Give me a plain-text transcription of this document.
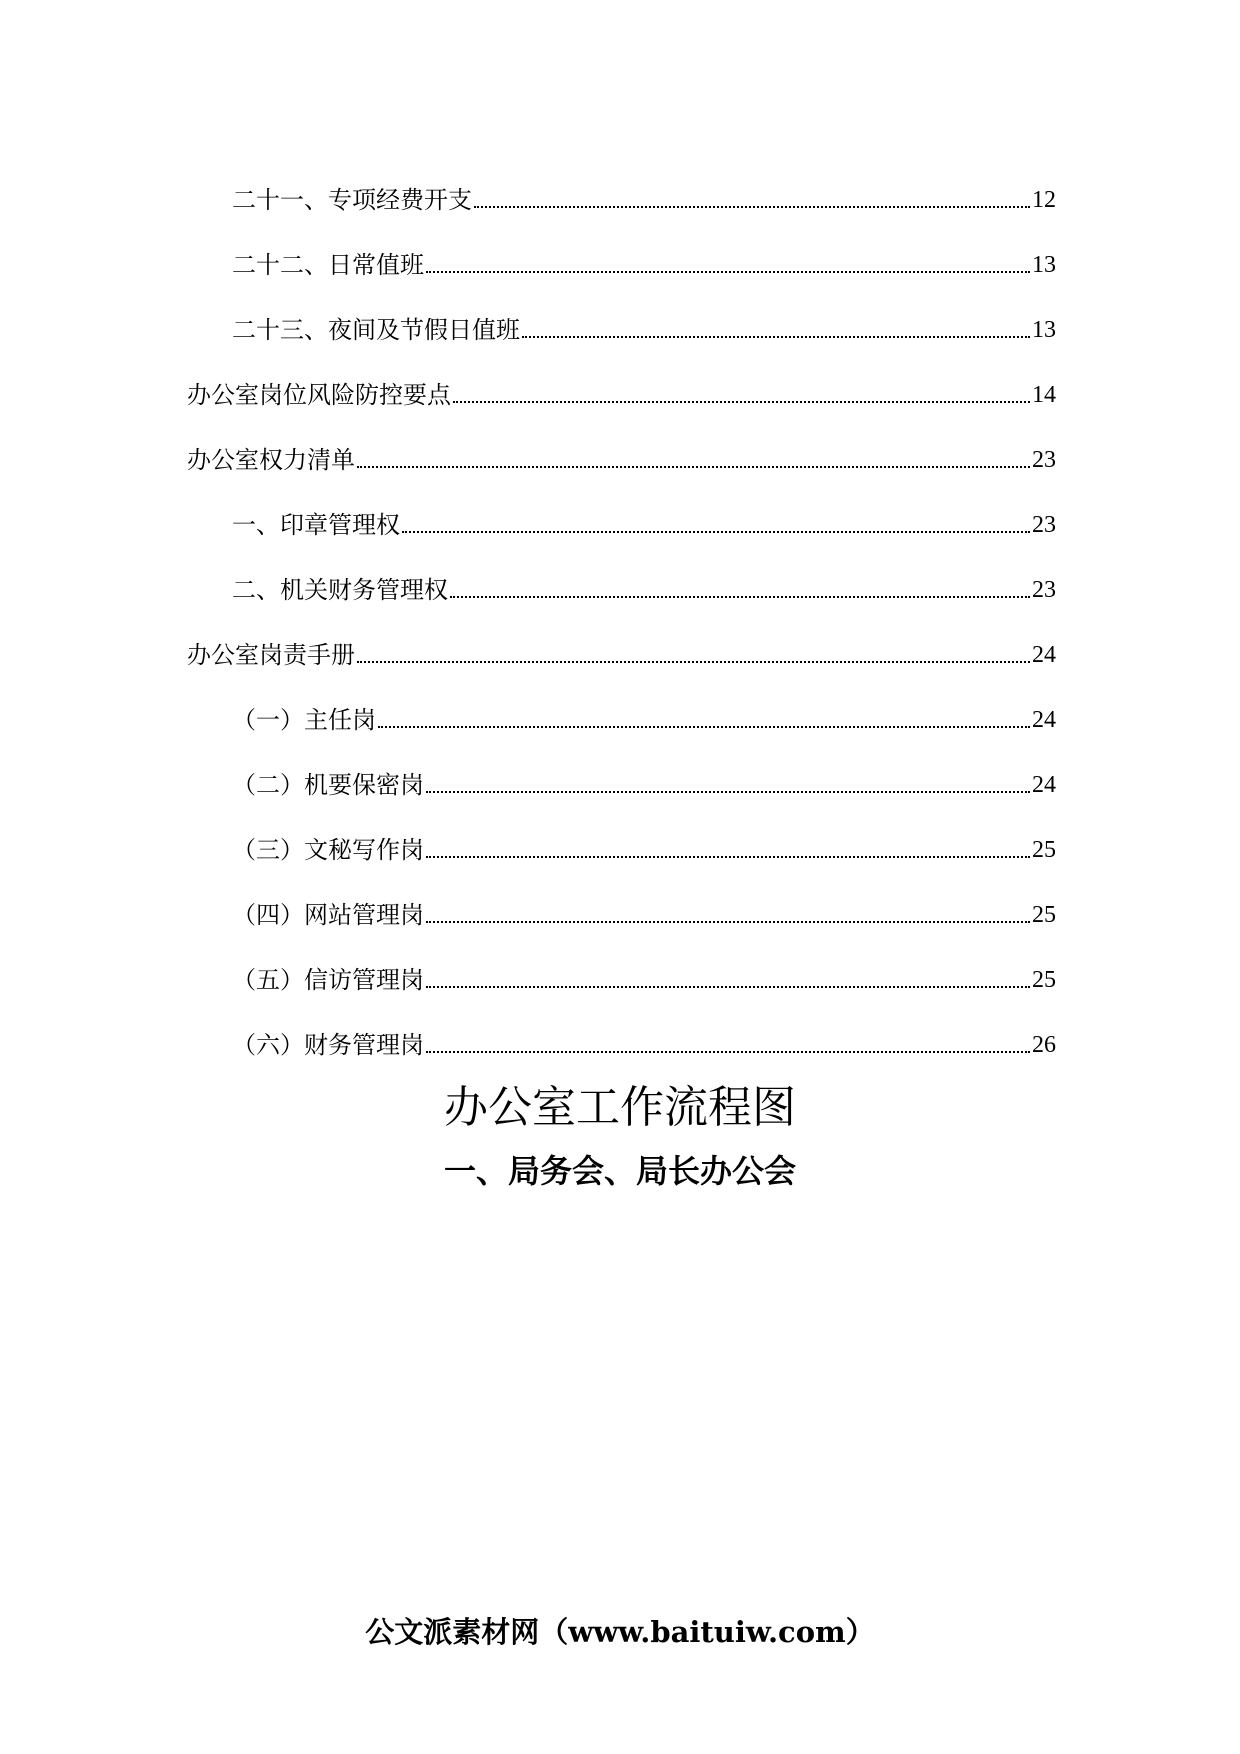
二十一、专项经费开支	12
二十二、日常值班	13
二十三、夜间及节假日值班	13
办公室岗位风险防控要点	14
办公室权力清单	23
一、印章管理权	23
二、机关财务管理权	23
办公室岗责手册	24
（一）主任岗	24
（二）机要保密岗	24
（三）文秘写作岗	25
（四）网站管理岗	25
（五）信访管理岗	25
（六）财务管理岗	26
办公室工作流程图
一、局务会、局长办公会
公文派素材网（www.baituiw.com）
